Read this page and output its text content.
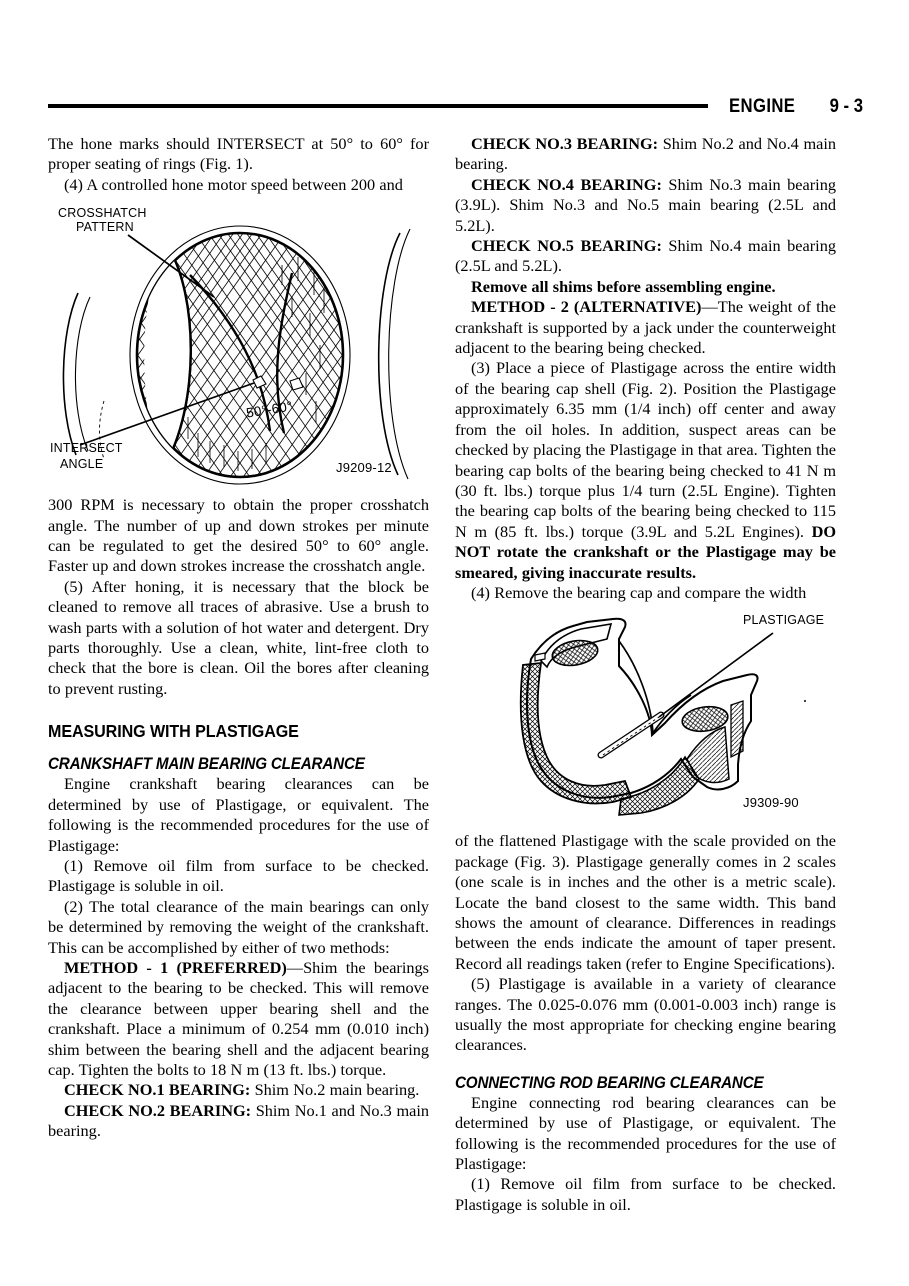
ENGINE 9 - 3

The hone marks should INTERSECT at 50° to 60° for proper seating of rings (Fig. 1).

(4) A controlled hone motor speed between 200 and

CROSSHATCH
PATTERN
INTERSECT
ANGLE
50°-60°
J9209-12

300 RPM is necessary to obtain the proper crosshatch angle. The number of up and down strokes per minute can be regulated to get the desired 50° to 60° angle. Faster up and down strokes increase the crosshatch angle.

(5) After honing, it is necessary that the block be cleaned to remove all traces of abrasive. Use a brush to wash parts with a solution of hot water and detergent. Dry parts thoroughly. Use a clean, white, lint-free cloth to check that the bore is clean. Oil the bores after cleaning to prevent rusting.

MEASURING WITH PLASTIGAGE
CRANKSHAFT MAIN BEARING CLEARANCE

Engine crankshaft bearing clearances can be determined by use of Plastigage, or equivalent. The following is the recommended procedures for the use of Plastigage:

(1) Remove oil film from surface to be checked. Plastigage is soluble in oil.

(2) The total clearance of the main bearings can only be determined by removing the weight of the crankshaft. This can be accomplished by either of two methods:

METHOD - 1 (PREFERRED)—Shim the bearings adjacent to the bearing to be checked. This will remove the clearance between upper bearing shell and the crankshaft. Place a minimum of 0.254 mm (0.010 inch) shim between the bearing shell and the adjacent bearing cap. Tighten the bolts to 18 N m (13 ft. lbs.) torque.

CHECK NO.1 BEARING: Shim No.2 main bearing.

CHECK NO.2 BEARING: Shim No.1 and No.3 main bearing.

CHECK NO.3 BEARING: Shim No.2 and No.4 main bearing.

CHECK NO.4 BEARING: Shim No.3 main bearing (3.9L). Shim No.3 and No.5 main bearing (2.5L and 5.2L).

CHECK NO.5 BEARING: Shim No.4 main bearing (2.5L and 5.2L).

Remove all shims before assembling engine.

METHOD - 2 (ALTERNATIVE)—The weight of the crankshaft is supported by a jack under the counterweight adjacent to the bearing being checked.

(3) Place a piece of Plastigage across the entire width of the bearing cap shell (Fig. 2). Position the Plastigage approximately 6.35 mm (1/4 inch) off center and away from the oil holes. In addition, suspect areas can be checked by placing the Plastigage in that area. Tighten the bearing cap bolts of the bearing being checked to 41 N m (30 ft. lbs.) torque plus 1/4 turn (2.5L Engine). Tighten the bearing cap bolts of the bearing being checked to 115 N m (85 ft. lbs.) torque (3.9L and 5.2L Engines). DO NOT rotate the crankshaft or the Plastigage may be smeared, giving inaccurate results.

(4) Remove the bearing cap and compare the width

PLASTIGAGE
J9309-90

of the flattened Plastigage with the scale provided on the package (Fig. 3). Plastigage generally comes in 2 scales (one scale is in inches and the other is a metric scale). Locate the band closest to the same width. This band shows the amount of clearance. Differences in readings between the ends indicate the amount of taper present. Record all readings taken (refer to Engine Specifications).

(5) Plastigage is available in a variety of clearance ranges. The 0.025-0.076 mm (0.001-0.003 inch) range is usually the most appropriate for checking engine bearing clearances.

CONNECTING ROD BEARING CLEARANCE

Engine connecting rod bearing clearances can be determined by use of Plastigage, or equivalent. The following is the recommended procedures for the use of Plastigage:

(1) Remove oil film from surface to be checked. Plastigage is soluble in oil.
